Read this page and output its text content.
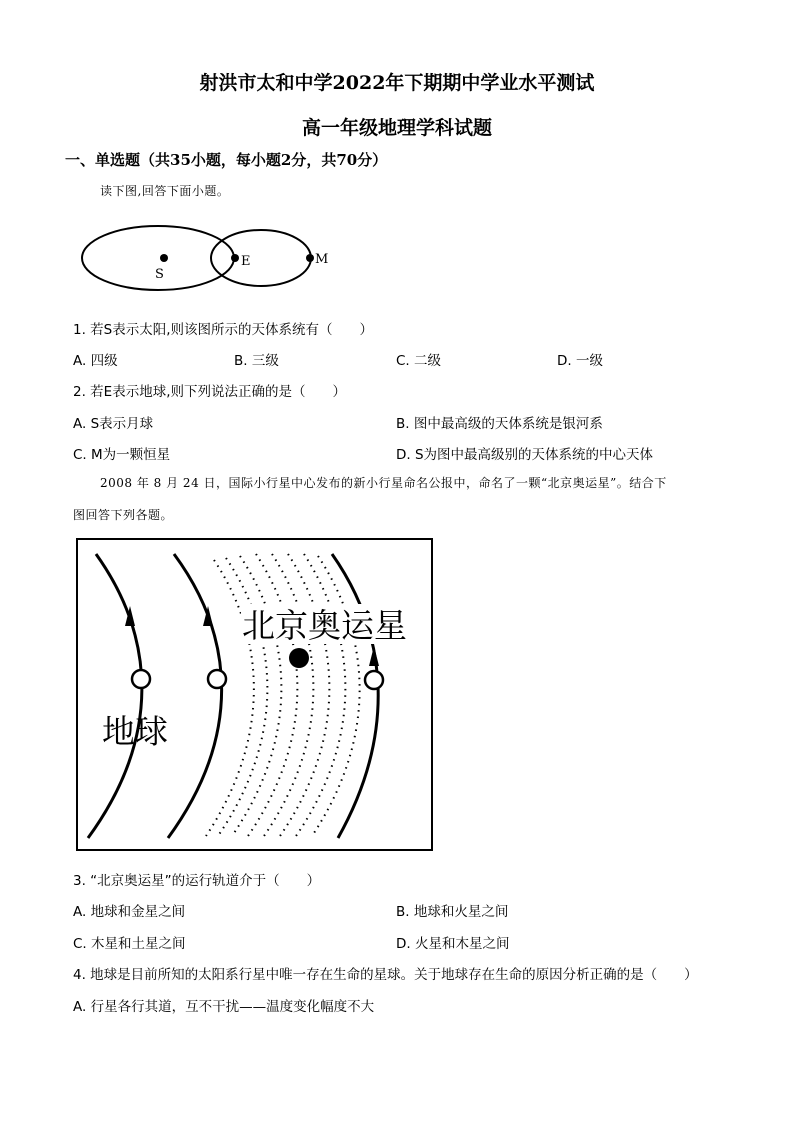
射洪市太和中学2022年下期期中学业水平测试
高一年级地理学科试题
一、单选题（共35小题，每小题2分，共70分）
读下图,回答下面小题。
S
E	M
1. 若S表示太阳,则该图所示的天体系统有（　　）
A. 四级	B. 三级	C. 二级	D. 一级
2. 若E表示地球,则下列说法正确的是（　　）
A. S表示月球	B. 图中最高级的天体系统是银河系
C. M为一颗恒星	D. S为图中最高级别的天体系统的中心天体
2008 年 8 月 24 日，国际小行星中心发布的新小行星命名公报中，命名了一颗“北京奥运星”。结合下
图回答下列各题。
北京奥运星
地球
3. “北京奥运星”的运行轨道介于（　　）
A. 地球和金星之间	B. 地球和火星之间
C. 木星和土星之间	D. 火星和木星之间
4. 地球是目前所知的太阳系行星中唯一存在生命的星球。关于地球存在生命的原因分析正确的是（　　）
A. 行星各行其道，互不干扰——温度变化幅度不大
